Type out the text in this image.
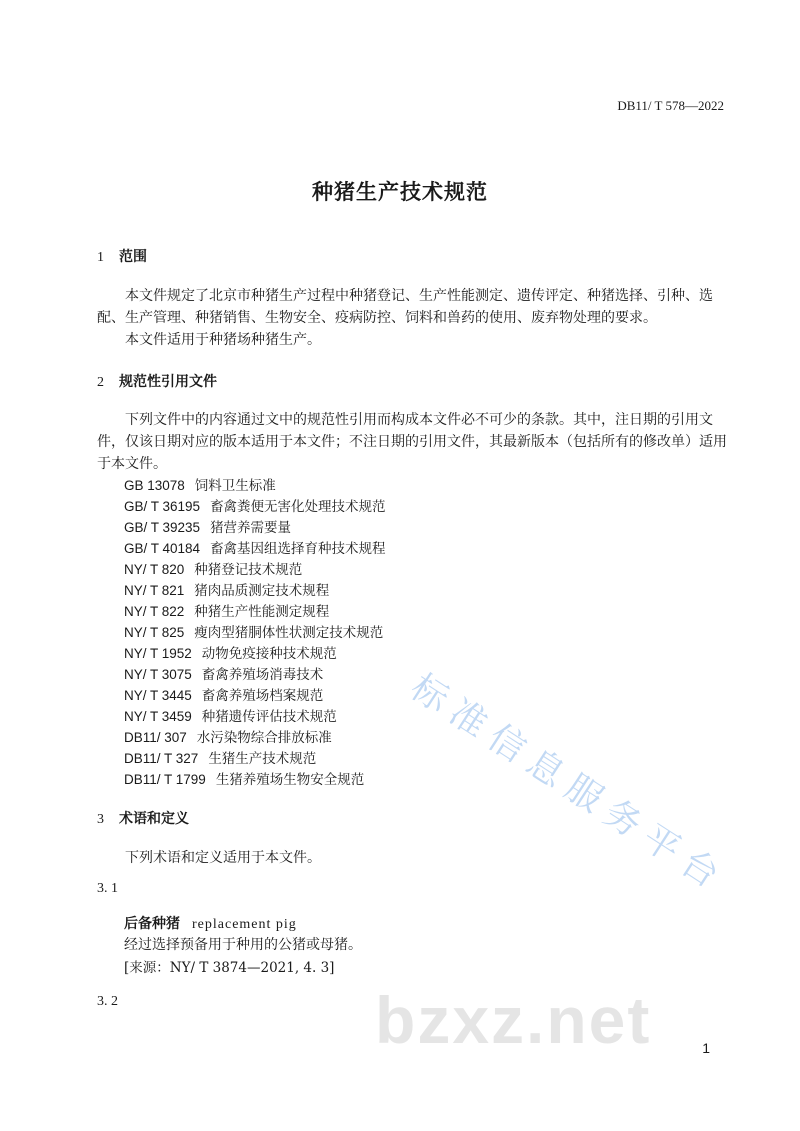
DB11/ T 578—2022
种猪生产技术规范
1 范围
本文件规定了北京市种猪生产过程中种猪登记、生产性能测定、遗传评定、种猪选择、引种、选配、生产管理、种猪销售、生物安全、疫病防控、饲料和兽药的使用、废弃物处理的要求。
本文件适用于种猪场种猪生产。
2 规范性引用文件
下列文件中的内容通过文中的规范性引用而构成本文件必不可少的条款。其中，注日期的引用文件，仅该日期对应的版本适用于本文件；不注日期的引用文件，其最新版本（包括所有的修改单）适用于本文件。
GB 13078 饲料卫生标准
GB/ T 36195 畜禽粪便无害化处理技术规范
GB/ T 39235 猪营养需要量
GB/ T 40184 畜禽基因组选择育种技术规程
NY/ T 820 种猪登记技术规范
NY/ T 821 猪肉品质测定技术规程
NY/ T 822 种猪生产性能测定规程
NY/ T 825 瘦肉型猪胴体性状测定技术规范
NY/ T 1952 动物免疫接种技术规范
NY/ T 3075 畜禽养殖场消毒技术
NY/ T 3445 畜禽养殖场档案规范
NY/ T 3459 种猪遗传评估技术规范
DB11/ 307 水污染物综合排放标准
DB11/ T 327 生猪生产技术规范
DB11/ T 1799 生猪养殖场生物安全规范
3 术语和定义
下列术语和定义适用于本文件。
3. 1
后备种猪 replacement pig
经过选择预备用于种用的公猪或母猪。
[来源：NY/ T 3874—2021, 4. 3]
3. 2
1
标准信息服务平台
bzxz.net
